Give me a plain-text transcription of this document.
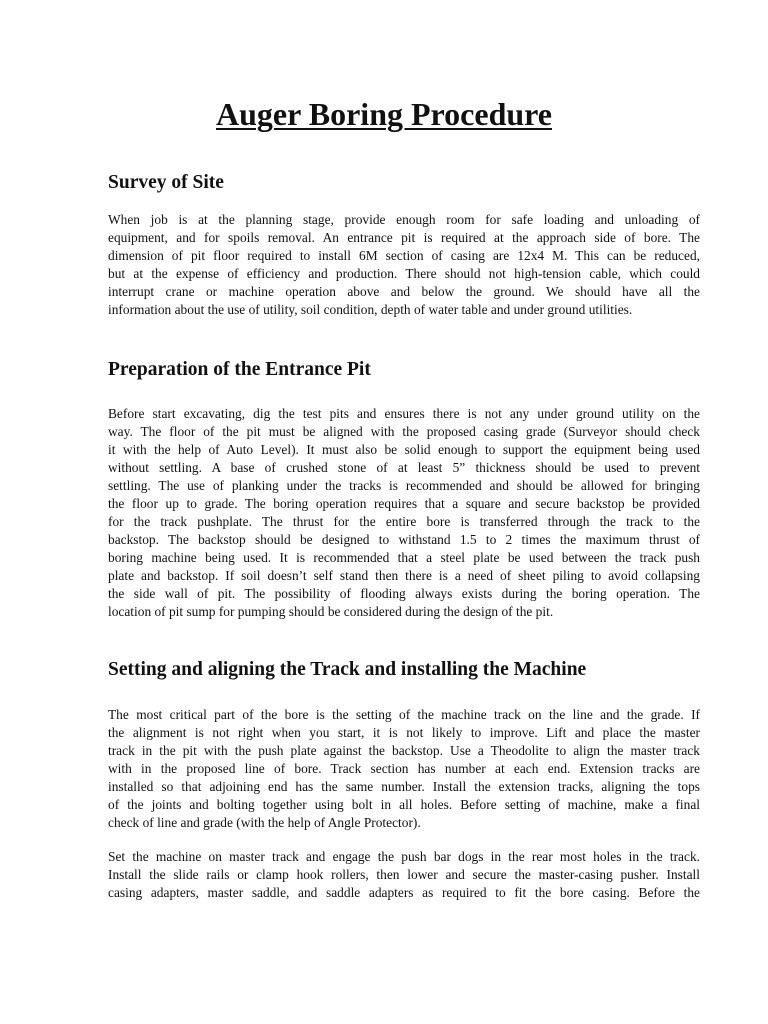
Auger Boring Procedure
Survey of Site
When job is at the planning stage, provide enough room for safe loading and unloading of
equipment, and for spoils removal. An entrance pit is required at the approach side of bore. The
dimension of pit floor required to install 6M section of casing are 12x4 M. This can be reduced,
but at the expense of efficiency and production. There should not high-tension cable, which could
interrupt crane or machine operation above and below the ground. We should have all the
information about the use of utility, soil condition, depth of water table and under ground utilities.
Preparation of the Entrance Pit
Before start excavating, dig the test pits and ensures there is not any under ground utility on the
way. The floor of the pit must be aligned with the proposed casing grade (Surveyor should check
it with the help of Auto Level). It must also be solid enough to support the equipment being used
without settling. A base of crushed stone of at least 5” thickness should be used to prevent
settling. The use of planking under the tracks is recommended and should be allowed for bringing
the floor up to grade. The boring operation requires that a square and secure backstop be provided
for the track pushplate. The thrust for the entire bore is transferred through the track to the
backstop. The backstop should be designed to withstand 1.5 to 2 times the maximum thrust of
boring machine being used. It is recommended that a steel plate be used between the track push
plate and backstop. If soil doesn’t self stand then there is a need of sheet piling to avoid collapsing
the side wall of pit. The possibility of flooding always exists during the boring operation. The
location of pit sump for pumping should be considered during the design of the pit.
Setting and aligning the Track and installing the Machine
The most critical part of the bore is the setting of the machine track on the line and the grade. If
the alignment is not right when you start, it is not likely to improve. Lift and place the master
track in the pit with the push plate against the backstop. Use a Theodolite to align the master track
with in the proposed line of bore. Track section has number at each end. Extension tracks are
installed so that adjoining end has the same number. Install the extension tracks, aligning the tops
of the joints and bolting together using bolt in all holes. Before setting of machine, make a final
check of line and grade (with the help of Angle Protector).
Set the machine on master track and engage the push bar dogs in the rear most holes in the track.
Install the slide rails or clamp hook rollers, then lower and secure the master-casing pusher. Install
casing adapters, master saddle, and saddle adapters as required to fit the bore casing. Before the
